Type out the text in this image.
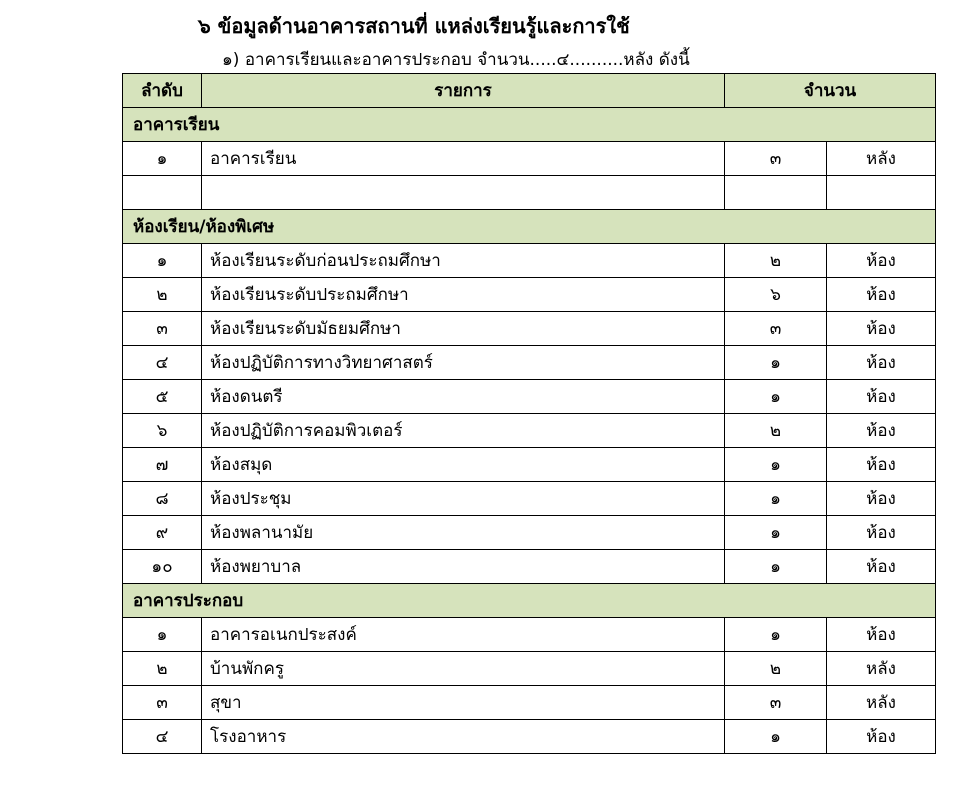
๖ ข้อมูลด้านอาคารสถานที่ แหล่งเรียนรู้และการใช้
๑) อาคารเรียนและอาคารประกอบ จำนวน.....๔..........หลัง ดังนี้
ลำดับ	รายการ	จำนวน	
อาคารเรียน			
๑	อาคารเรียน	๓	หลัง

ห้องเรียน/ห้องพิเศษ			
๑	ห้องเรียนระดับก่อนประถมศึกษา	๒	ห้อง
๒	ห้องเรียนระดับประถมศึกษา	๖	ห้อง
๓	ห้องเรียนระดับมัธยมศึกษา	๓	ห้อง
๔	ห้องปฏิบัติการทางวิทยาศาสตร์	๑	ห้อง
๕	ห้องดนตรี	๑	ห้อง
๖	ห้องปฏิบัติการคอมพิวเตอร์	๒	ห้อง
๗	ห้องสมุด	๑	ห้อง
๘	ห้องประชุม	๑	ห้อง
๙	ห้องพลานามัย	๑	ห้อง
๑๐	ห้องพยาบาล	๑	ห้อง
อาคารประกอบ			
๑	อาคารอเนกประสงค์	๑	ห้อง
๒	บ้านพักครู	๒	หลัง
๓	สุขา	๓	หลัง
๔	โรงอาหาร	๑	ห้อง
